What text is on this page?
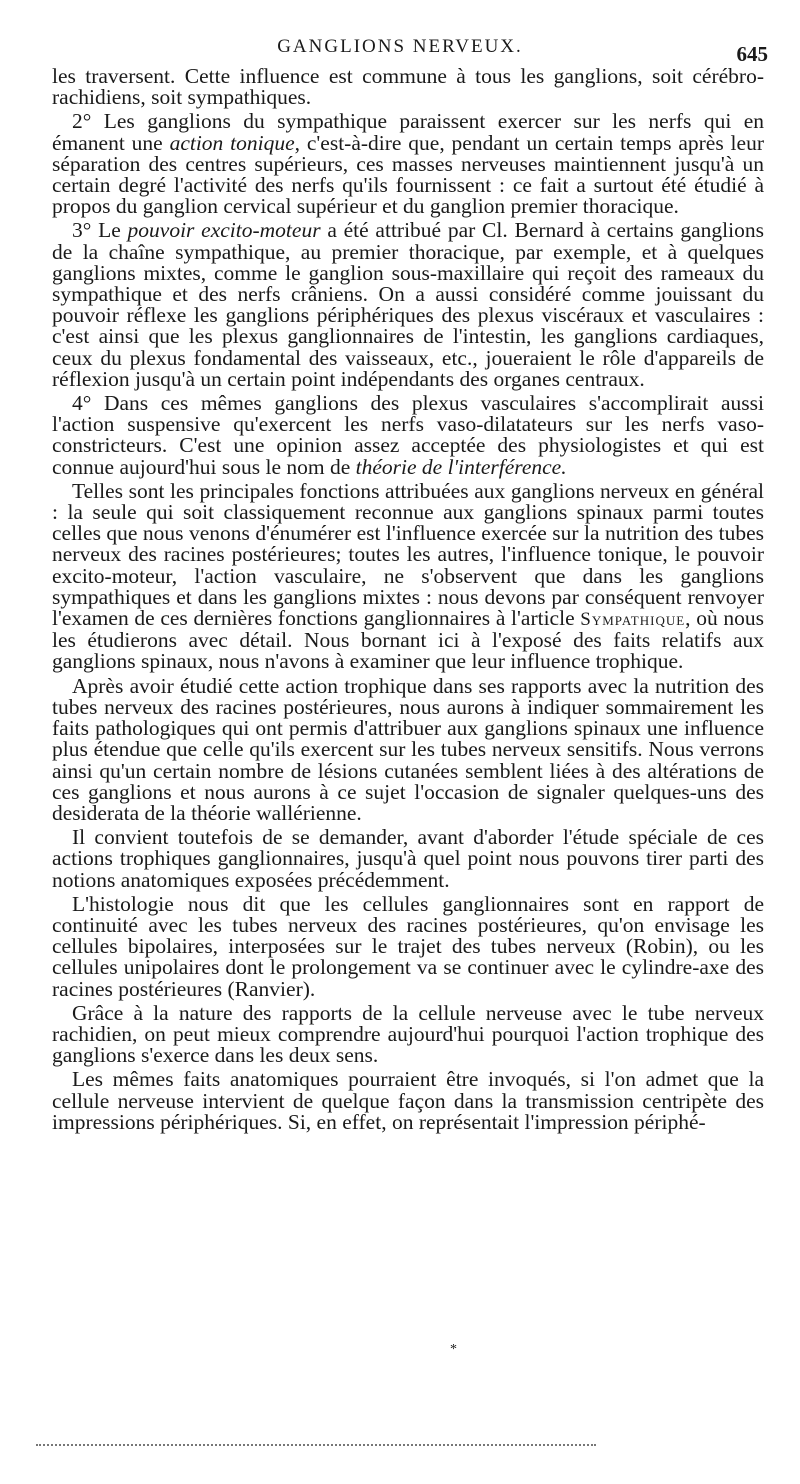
GANGLIONS NERVEUX.	645

les traversent. Cette influence est commune à tous les ganglions, soit cérébro-rachidiens, soit sympathiques.

2° Les ganglions du sympathique paraissent exercer sur les nerfs qui en émanent une action tonique, c'est-à-dire que, pendant un certain temps après leur séparation des centres supérieurs, ces masses nerveuses maintiennent jusqu'à un certain degré l'activité des nerfs qu'ils fournissent : ce fait a surtout été étudié à propos du ganglion cervical supérieur et du ganglion premier thoracique.

3° Le pouvoir excito-moteur a été attribué par Cl. Bernard à certains ganglions de la chaîne sympathique, au premier thoracique, par exemple, et à quelques ganglions mixtes, comme le ganglion sous-maxillaire qui reçoit des rameaux du sympathique et des nerfs crâniens. On a aussi considéré comme jouissant du pouvoir réflexe les ganglions périphériques des plexus viscéraux et vasculaires : c'est ainsi que les plexus ganglionnaires de l'intestin, les ganglions cardiaques, ceux du plexus fondamental des vaisseaux, etc., joueraient le rôle d'appareils de réflexion jusqu'à un certain point indépendants des organes centraux.

4° Dans ces mêmes ganglions des plexus vasculaires s'accomplirait aussi l'action suspensive qu'exercent les nerfs vaso-dilatateurs sur les nerfs vaso-constricteurs. C'est une opinion assez acceptée des physiologistes et qui est connue aujourd'hui sous le nom de théorie de l'interférence.

Telles sont les principales fonctions attribuées aux ganglions nerveux en général : la seule qui soit classiquement reconnue aux ganglions spinaux parmi toutes celles que nous venons d'énumérer est l'influence exercée sur la nutrition des tubes nerveux des racines postérieures; toutes les autres, l'influence tonique, le pouvoir excito-moteur, l'action vasculaire, ne s'observent que dans les ganglions sympathiques et dans les ganglions mixtes : nous devons par conséquent renvoyer l'examen de ces dernières fonctions ganglionnaires à l'article Sympathique, où nous les étudierons avec détail. Nous bornant ici à l'exposé des faits relatifs aux ganglions spinaux, nous n'avons à examiner que leur influence trophique.

Après avoir étudié cette action trophique dans ses rapports avec la nutrition des tubes nerveux des racines postérieures, nous aurons à indiquer sommairement les faits pathologiques qui ont permis d'attribuer aux ganglions spinaux une influence plus étendue que celle qu'ils exercent sur les tubes nerveux sensitifs. Nous verrons ainsi qu'un certain nombre de lésions cutanées semblent liées à des altérations de ces ganglions et nous aurons à ce sujet l'occasion de signaler quelques-uns des desiderata de la théorie wallérienne.

Il convient toutefois de se demander, avant d'aborder l'étude spéciale de ces actions trophiques ganglionnaires, jusqu'à quel point nous pouvons tirer parti des notions anatomiques exposées précédemment.

L'histologie nous dit que les cellules ganglionnaires sont en rapport de continuité avec les tubes nerveux des racines postérieures, qu'on envisage les cellules bipolaires, interposées sur le trajet des tubes nerveux (Robin), ou les cellules unipolaires dont le prolongement va se continuer avec le cylindre-axe des racines postérieures (Ranvier).

Grâce à la nature des rapports de la cellule nerveuse avec le tube nerveux rachidien, on peut mieux comprendre aujourd'hui pourquoi l'action trophique des ganglions s'exerce dans les deux sens.

Les mêmes faits anatomiques pourraient être invoqués, si l'on admet que la cellule nerveuse intervient de quelque façon dans la transmission centripète des impressions périphériques. Si, en effet, on représentait l'impression périphé-

*
